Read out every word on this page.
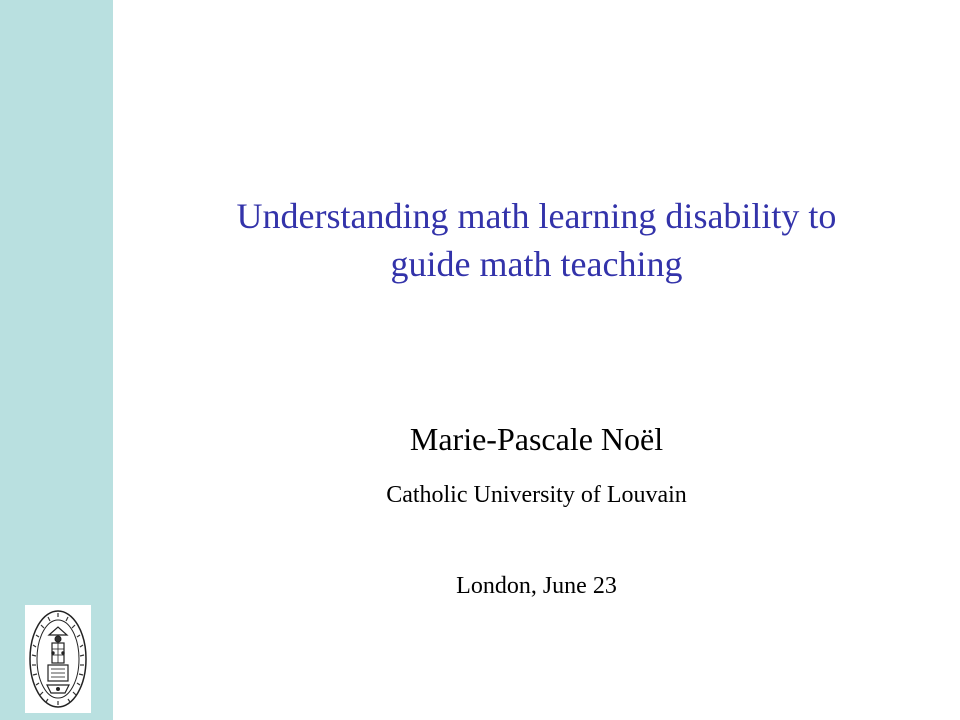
Understanding math learning disability to
guide math teaching
Marie-Pascale Noël
Catholic University of Louvain
London, June 23
